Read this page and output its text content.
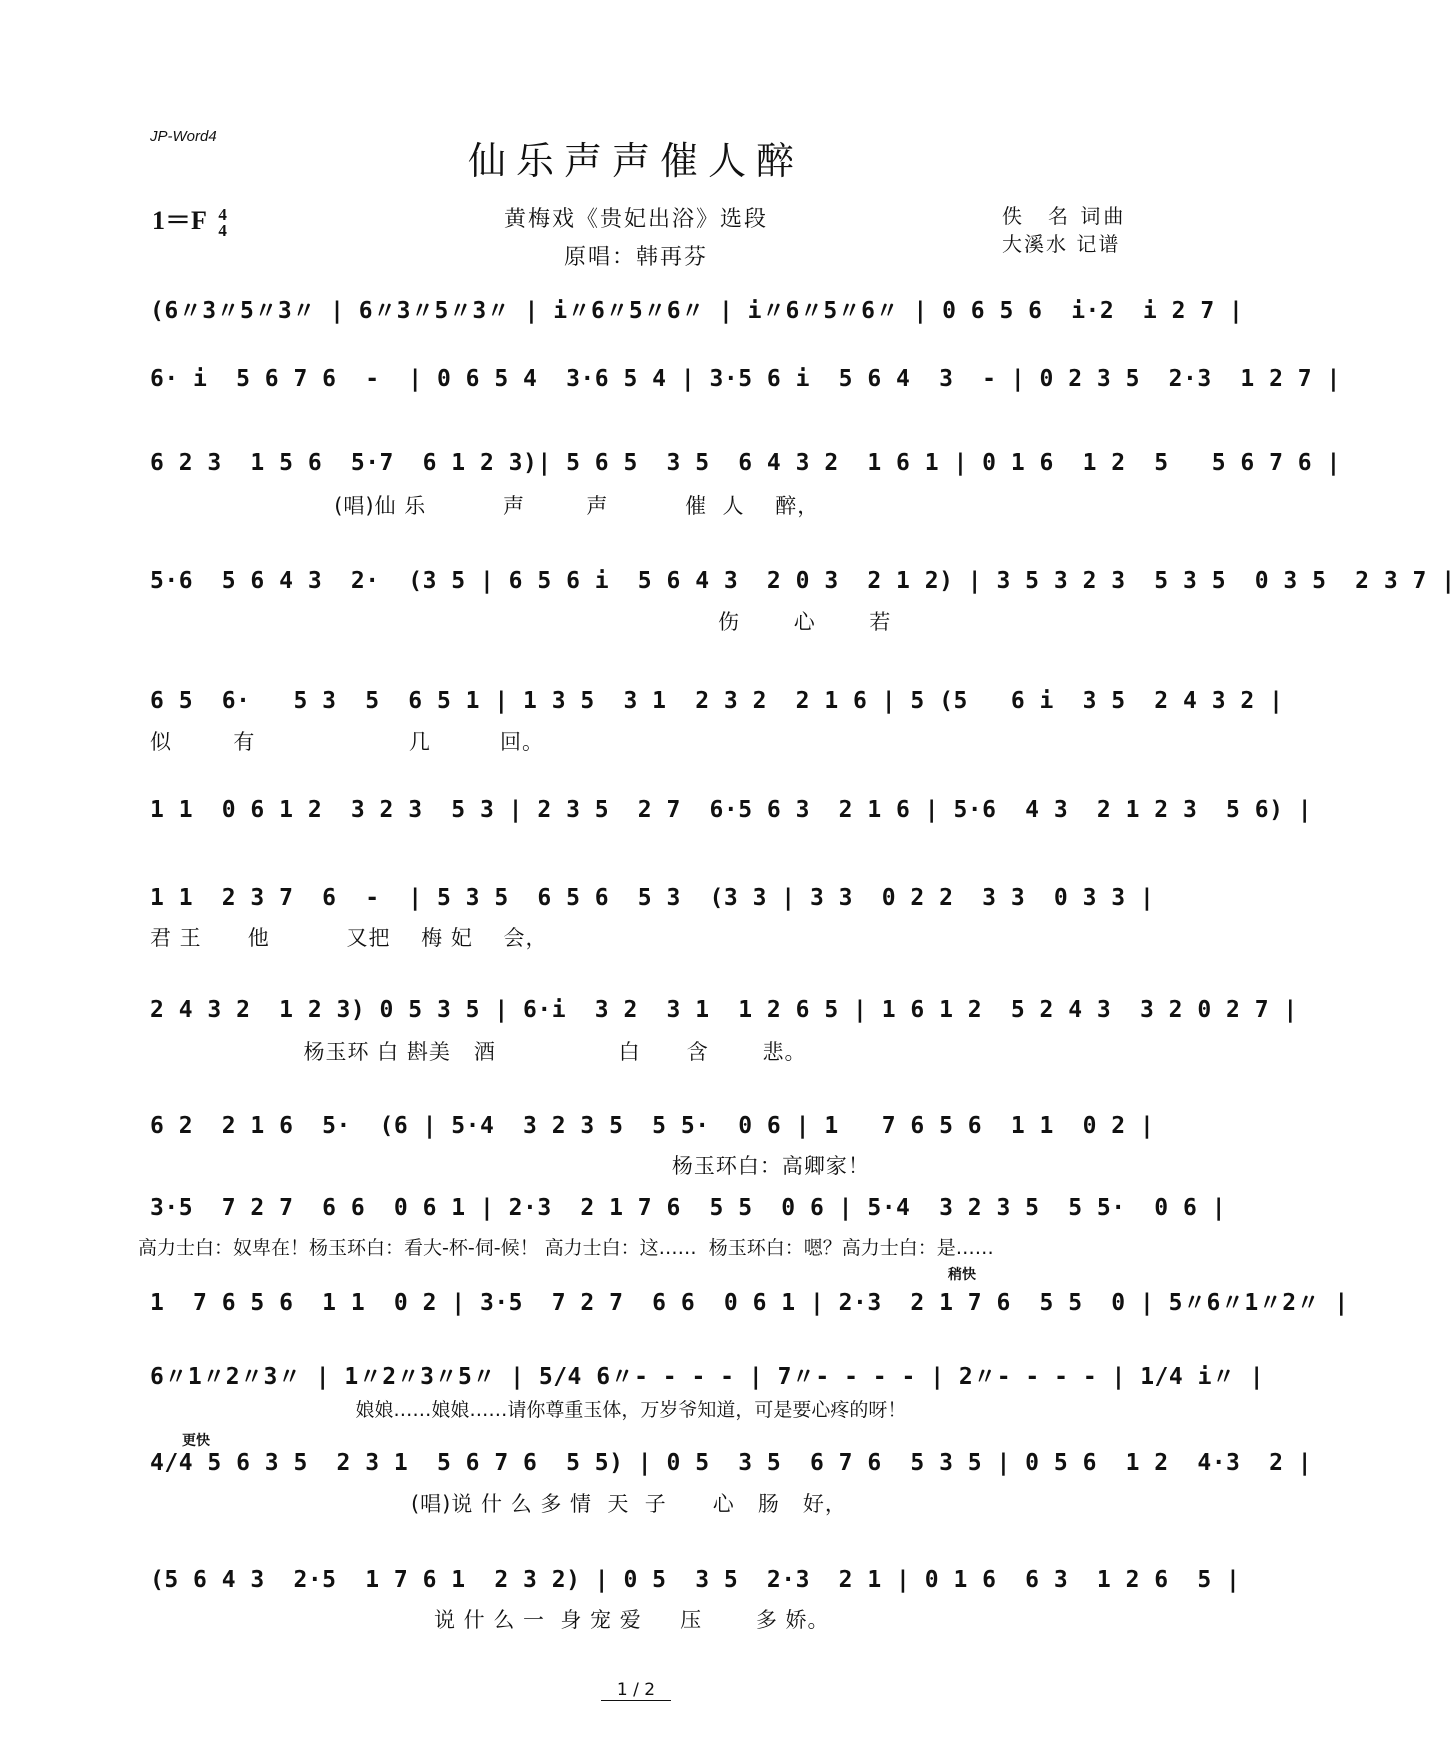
JP-Word4
仙乐声声催人醉
1＝F 4
4	黄梅戏《贵妃出浴》选段
原唱：韩再芬
佚　名 词曲
大溪水 记谱
(6〃3〃5〃3〃 | 6〃3〃5〃3〃 | i〃6〃5〃6〃 | i〃6〃5〃6〃 | 0 6 5 6  i·2  i 2 7 |
6· i  5 6 7 6  -  | 0 6 5 4  3·6 5 4 | 3·5 6 i  5 6 4  3  - | 0 2 3 5  2·3  1 2 7 |
6 2 3  1 5 6  5·7  6 1 2 3)| 5 6 5  3 5  6 4 3 2  1 6 1 | 0 1 6  1 2  5   5 6 7 6 |
(唱)仙 乐          声        声          催  人    醉，
5·6  5 6 4 3  2·  (3 5 | 6 5 6 i  5 6 4 3  2 0 3  2 1 2) | 3 5 3 2 3  5 3 5  0 3 5  2 3 7 |
伤       心       若
6 5  6·   5 3  5  6 5 1 | 1 3 5  3 1  2 3 2  2 1 6 | 5 (5   6 i  3 5  2 4 3 2 |
似        有                    几         回。
1 1  0 6 1 2  3 2 3  5 3 | 2 3 5  2 7  6·5 6 3  2 1 6 | 5·6  4 3  2 1 2 3  5 6) |
1 1  2 3 7  6  -  | 5 3 5  6 5 6  5 3  (3 3 | 3 3  0 2 2  3 3  0 3 3 |
君 王      他          又把    梅 妃    会，
2 4 3 2  1 2 3) 0 5 3 5 | 6·i  3 2  3 1  1 2 6 5 | 1 6 1 2  5 2 4 3  3 2 0 2 7 |
杨玉环 白 斟美   酒                白      含       悲。
6 2  2 1 6  5·  (6 | 5·4  3 2 3 5  5 5·  0 6 | 1   7 6 5 6  1 1  0 2 |
杨玉环白：高卿家！
3·5  7 2 7  6 6  0 6 1 | 2·3  2 1 7 6  5 5  0 6 | 5·4  3 2 3 5  5 5·  0 6 |
高力士白：奴卑在！杨玉环白：看大-杯-伺-候！ 高力士白：这……  杨玉环白：嗯？高力士白：是……
稍快
1  7 6 5 6  1 1  0 2 | 3·5  7 2 7  6 6  0 6 1 | 2·3  2 1 7 6  5 5  0 | 5〃6〃1〃2〃 |
6〃1〃2〃3〃 | 1〃2〃3〃5〃 | 5/4 6〃- - - - | 7〃- - - - | 2〃- - - - | 1/4 i〃 |
娘娘……娘娘……请你尊重玉体，万岁爷知道，可是要心疼的呀！
更快
4/4 5 6 3 5  2 3 1  5 6 7 6  5 5) | 0 5  3 5  6 7 6  5 3 5 | 0 5 6  1 2  4·3  2 |
(唱)说 什 么 多 情  天  子      心   肠   好，
(5 6 4 3  2·5  1 7 6 1  2 3 2) | 0 5  3 5  2·3  2 1 | 0 1 6  6 3  1 2 6  5 |
说 什 么 一  身 宠 爱     压       多 娇。
1 / 2
